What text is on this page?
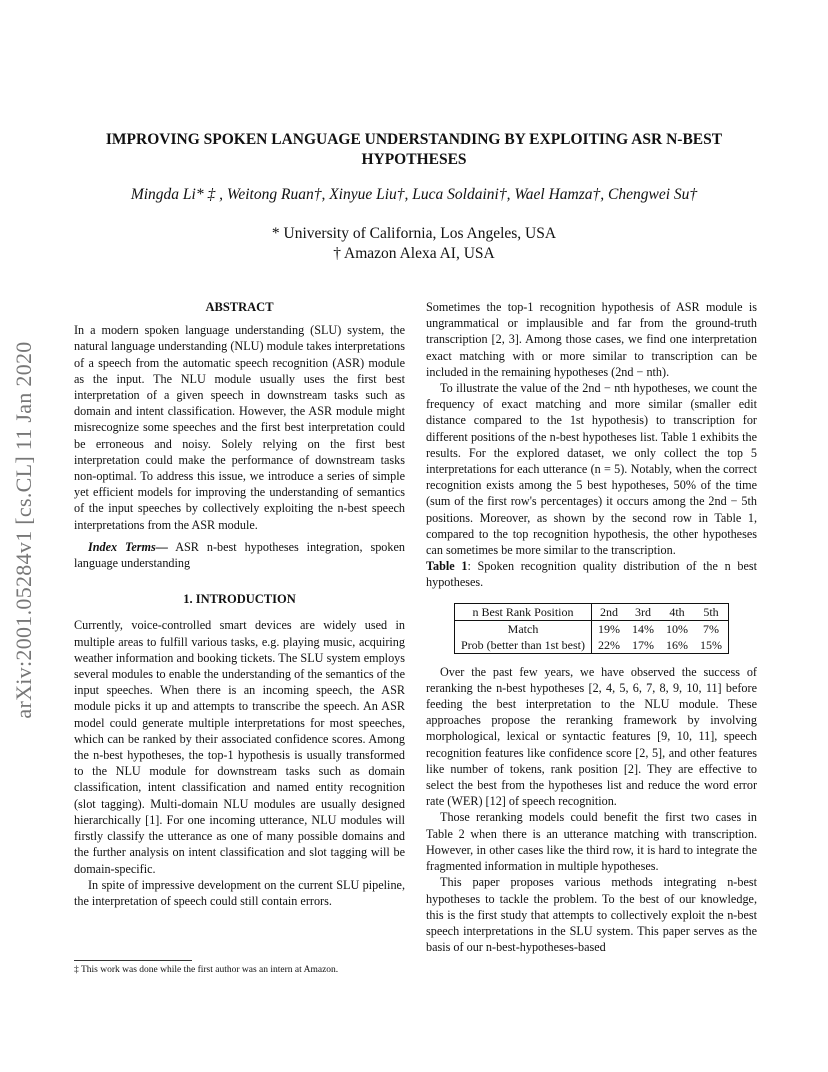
arXiv:2001.05284v1 [cs.CL] 11 Jan 2020
IMPROVING SPOKEN LANGUAGE UNDERSTANDING BY EXPLOITING ASR N-BEST HYPOTHESES
Mingda Li* ‡ , Weitong Ruan†, Xinyue Liu†, Luca Soldaini†, Wael Hamza†, Chengwei Su†
* University of California, Los Angeles, USA
† Amazon Alexa AI, USA

ABSTRACT

In a modern spoken language understanding (SLU) system, the natural language understanding (NLU) module takes interpretations of a speech from the automatic speech recognition (ASR) module as the input. The NLU module usually uses the first best interpretation of a given speech in downstream tasks such as domain and intent classification. However, the ASR module might misrecognize some speeches and the first best interpretation could be erroneous and noisy. Solely relying on the first best interpretation could make the performance of downstream tasks non-optimal. To address this issue, we introduce a series of simple yet efficient models for improving the understanding of semantics of the input speeches by collectively exploiting the n-best speech interpretations from the ASR module.

Index Terms— ASR n-best hypotheses integration, spoken language understanding

1. INTRODUCTION

Currently, voice-controlled smart devices are widely used in multiple areas to fulfill various tasks, e.g. playing music, acquiring weather information and booking tickets. The SLU system employs several modules to enable the understanding of the semantics of the input speeches. When there is an incoming speech, the ASR module picks it up and attempts to transcribe the speech. An ASR model could generate multiple interpretations for most speeches, which can be ranked by their associated confidence scores. Among the n-best hypotheses, the top-1 hypothesis is usually transformed to the NLU module for downstream tasks such as domain classification, intent classification and named entity recognition (slot tagging). Multi-domain NLU modules are usually designed hierarchically [1]. For one incoming utterance, NLU modules will firstly classify the utterance as one of many possible domains and the further analysis on intent classification and slot tagging will be domain-specific.

In spite of impressive development on the current SLU pipeline, the interpretation of speech could still contain errors.

‡ This work was done while the first author was an intern at Amazon.

Sometimes the top-1 recognition hypothesis of ASR module is ungrammatical or implausible and far from the ground-truth transcription [2, 3]. Among those cases, we find one interpretation exact matching with or more similar to transcription can be included in the remaining hypotheses (2nd − nth).

To illustrate the value of the 2nd − nth hypotheses, we count the frequency of exact matching and more similar (smaller edit distance compared to the 1st hypothesis) to transcription for different positions of the n-best hypotheses list. Table 1 exhibits the results. For the explored dataset, we only collect the top 5 interpretations for each utterance (n = 5). Notably, when the correct recognition exists among the 5 best hypotheses, 50% of the time (sum of the first row's percentages) it occurs among the 2nd − 5th positions. Moreover, as shown by the second row in Table 1, compared to the top recognition hypothesis, the other hypotheses can sometimes be more similar to the transcription.

Table 1: Spoken recognition quality distribution of the n best hypotheses.

n Best Rank Position	2nd	3rd	4th	5th
Match	19%	14%	10%	7%
Prob (better than 1st best)	22%	17%	16%	15%

Over the past few years, we have observed the success of reranking the n-best hypotheses [2, 4, 5, 6, 7, 8, 9, 10, 11] before feeding the best interpretation to the NLU module. These approaches propose the reranking framework by involving morphological, lexical or syntactic features [9, 10, 11], speech recognition features like confidence score [2, 5], and other features like number of tokens, rank position [2]. They are effective to select the best from the hypotheses list and reduce the word error rate (WER) [12] of speech recognition.

Those reranking models could benefit the first two cases in Table 2 when there is an utterance matching with transcription. However, in other cases like the third row, it is hard to integrate the fragmented information in multiple hypotheses.

This paper proposes various methods integrating n-best hypotheses to tackle the problem. To the best of our knowledge, this is the first study that attempts to collectively exploit the n-best speech interpretations in the SLU system. This paper serves as the basis of our n-best-hypotheses-based
